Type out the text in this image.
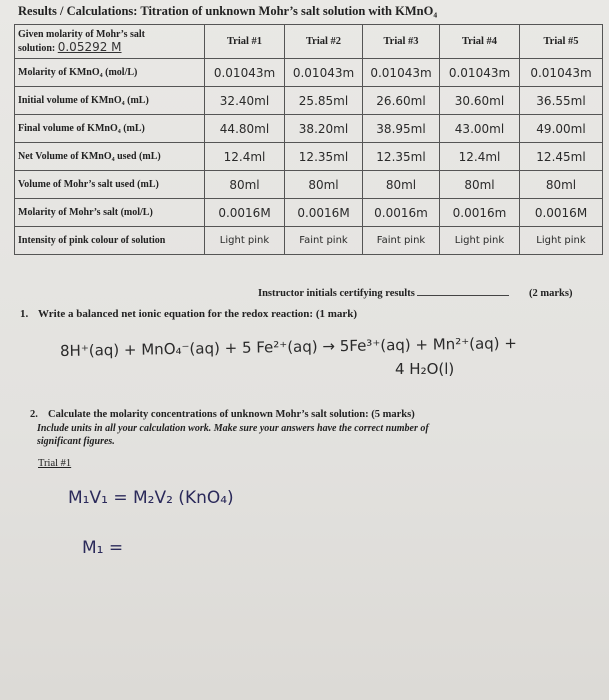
Results / Calculations: Titration of unknown Mohr’s salt solution with KMnO₄
Given molarity of Mohr’s salt
solution: 0.05292 M	Trial #1	Trial #2	Trial #3	Trial #4	Trial #5
Molarity of KMnO₄ (mol/L)	0.01043m	0.01043m	0.01043m	0.01043m	0.01043m
Initial volume of KMnO₄ (mL)	32.40ml	25.85ml	26.60ml	30.60ml	36.55ml
Final volume of KMnO₄ (mL)	44.80ml	38.20ml	38.95ml	43.00ml	49.00ml
Net Volume of KMnO₄ used (mL)	12.4ml	12.35ml	12.35ml	12.4ml	12.45ml
Volume of Mohr’s salt used (mL)	80ml	80ml	80ml	80ml	80ml
Molarity of Mohr’s salt (mol/L)	0.0016M	0.0016M	0.0016m	0.0016m	0.0016M
Intensity of pink colour of solution	Light pink	Faint pink	Faint pink	Light pink	Light pink
Instructor initials certifying results	(2 marks)
1. Write a balanced net ionic equation for the redox reaction: (1 mark)
8H⁺(aq) + MnO₄⁻(aq) + 5 Fe²⁺(aq) → 5Fe³⁺(aq) + Mn²⁺(aq) +
4 H₂O(l)
2. Calculate the molarity concentrations of unknown Mohr’s salt solution: (5 marks)
Include units in all your calculation work. Make sure your answers have the correct number of
significant figures.
Trial #1
M₁V₁ = M₂V₂ (KnO₄)
M₁ =
